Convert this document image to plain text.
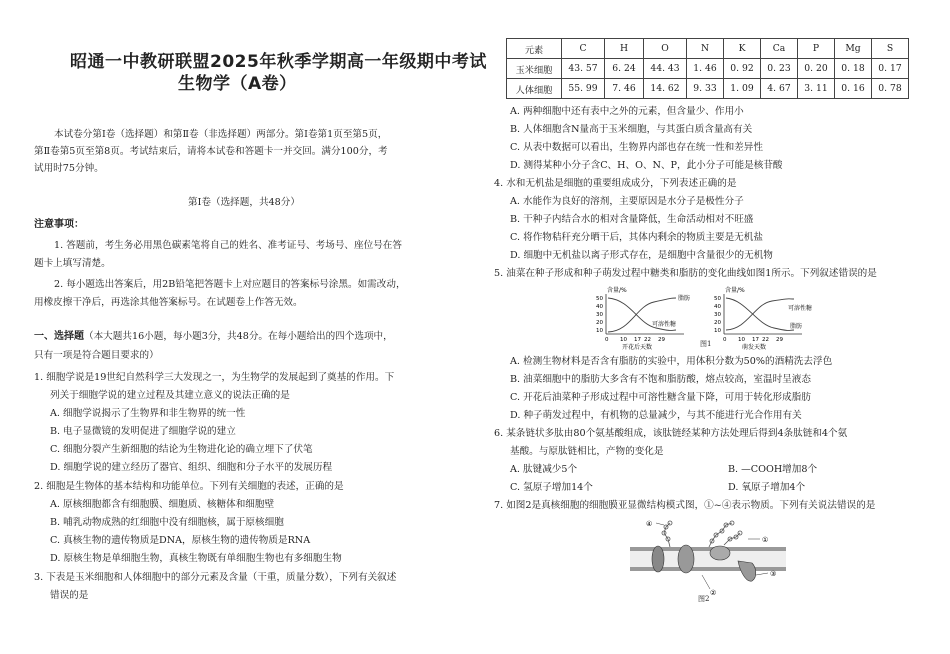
昭通一中教研联盟2025年秋季学期高一年级期中考试
生物学（A卷）
本试卷分第Ⅰ卷（选择题）和第Ⅱ卷（非选择题）两部分。第Ⅰ卷第1页至第5页，
第Ⅱ卷第5页至第8页。考试结束后，请将本试卷和答题卡一并交回。满分100分，考
试用时75分钟。
第Ⅰ卷（选择题，共48分）
注意事项：
1. 答题前，考生务必用黑色碳素笔将自己的姓名、准考证号、考场号、座位号在答
题卡上填写清楚。
2. 每小题选出答案后，用2B铅笔把答题卡上对应题目的答案标号涂黑。如需改动，
用橡皮擦干净后，再选涂其他答案标号。在试题卷上作答无效。
一、选择题（本大题共16小题，每小题3分，共48分。在每小题给出的四个选项中，
只有一项是符合题目要求的）
1. 细胞学说是19世纪自然科学三大发现之一，为生物学的发展起到了奠基的作用。下
列关于细胞学说的建立过程及其建立意义的说法正确的是
A. 细胞学说揭示了生物界和非生物界的统一性
B. 电子显微镜的发明促进了细胞学说的建立
C. 细胞分裂产生新细胞的结论为生物进化论的确立埋下了伏笔
D. 细胞学说的建立经历了器官、组织、细胞和分子水平的发展历程
2. 细胞是生物体的基本结构和功能单位。下列有关细胞的表述，正确的是
A. 原核细胞都含有细胞膜、细胞质、核糖体和细胞壁
B. 哺乳动物成熟的红细胞中没有细胞核，属于原核细胞
C. 真核生物的遗传物质是DNA，原核生物的遗传物质是RNA
D. 原核生物是单细胞生物，真核生物既有单细胞生物也有多细胞生物
3. 下表是玉米细胞和人体细胞中的部分元素及含量（干重，质量分数），下列有关叙述
错误的是
元素	C	H	O	N	K	Ca	P	Mg	S
玉米细胞	43. 57	6. 24	44. 43	1. 46	0. 92	0. 23	0. 20	0. 18	0. 17
人体细胞	55. 99	7. 46	14. 62	9. 33	1. 09	4. 67	3. 11	0. 16	0. 78
A. 两种细胞中还有表中之外的元素，但含量少、作用小
B. 人体细胞含N量高于玉米细胞，与其蛋白质含量高有关
C. 从表中数据可以看出，生物界内部也存在统一性和差异性
D. 测得某种小分子含C、H、O、N、P，此小分子可能是核苷酸
4. 水和无机盐是细胞的重要组成成分，下列表述正确的是
A. 水能作为良好的溶剂，主要原因是水分子是极性分子
B. 干种子内结合水的相对含量降低，生命活动相对不旺盛
C. 将作物秸秆充分晒干后，其体内剩余的物质主要是无机盐
D. 细胞中无机盐以离子形式存在，是细胞中含量很少的无机物
5. 油菜在种子形成和种子萌发过程中糖类和脂肪的变化曲线如图1所示。下列叙述错误的是
含量/%
50
40
30
20
10
脂肪
可溶性糖
0 10 17 22 29
开花后天数
含量/%
50
40
30
20
10
可溶性糖
脂肪
0 10 17 22 29
萌发天数
图1
A. 检测生物材料是否含有脂肪的实验中，用体积分数为50%的酒精洗去浮色
B. 油菜细胞中的脂肪大多含有不饱和脂肪酸，熔点较高，室温时呈液态
C. 开花后油菜种子形成过程中可溶性糖含量下降，可用于转化形成脂肪
D. 种子萌发过程中，有机物的总量减少，与其不能进行光合作用有关
6. 某条链状多肽由80个氨基酸组成，该肽链经某种方法处理后得到4条肽链和4个氨
基酸。与原肽链相比，产物的变化是
A. 肽键减少5个	B. —COOH增加8个
C. 氢原子增加14个	D. 氧原子增加4个
7. 如图2是真核细胞的细胞膜亚显微结构模式图，①~④表示物质。下列有关说法错误的是
①
②
③
④
图2
